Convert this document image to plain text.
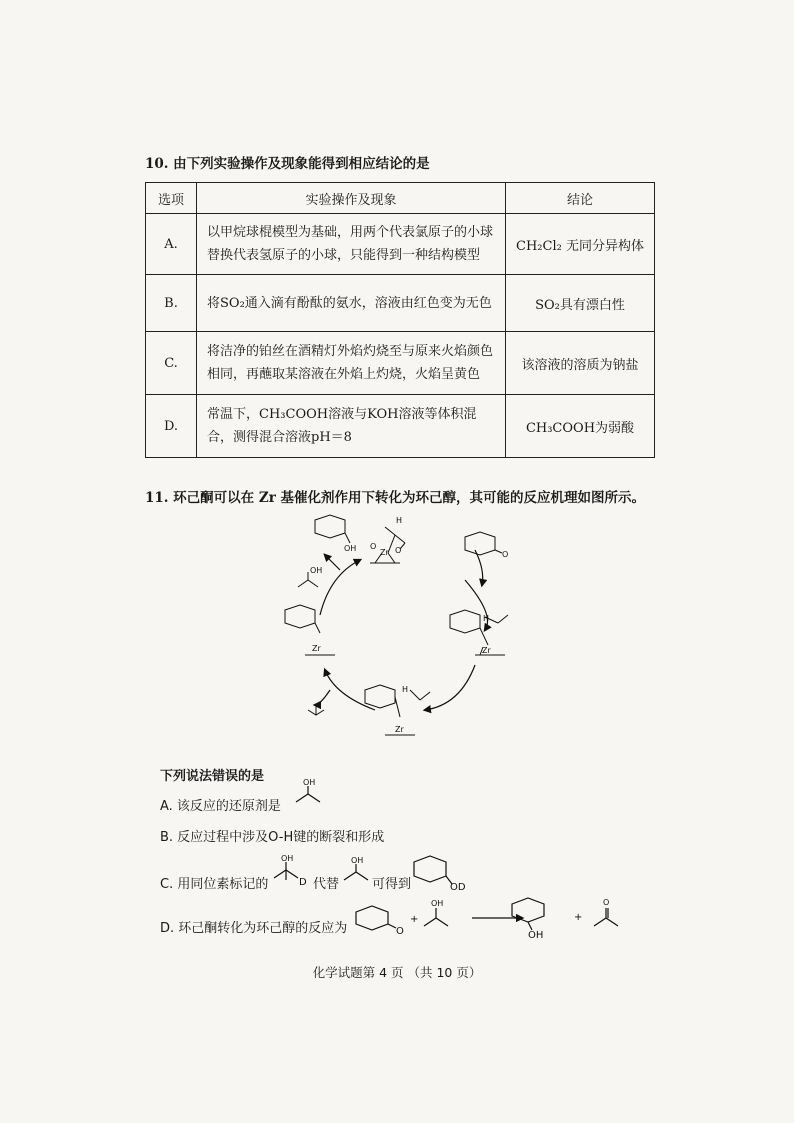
10. 由下列实验操作及现象能得到相应结论的是
选项	实验操作及现象	结论
A.	以甲烷球棍模型为基础，用两个代表氯原子的小球替换代表氢原子的小球，只能得到一种结构模型	CH₂Cl₂ 无同分异构体
B.	将SO₂通入滴有酚酞的氨水，溶液由红色变为无色	SO₂具有漂白性
C.	将洁净的铂丝在酒精灯外焰灼烧至与原来火焰颜色相同，再蘸取某溶液在外焰上灼烧，火焰呈黄色	该溶液的溶质为钠盐
D.	常温下，CH₃COOH溶液与KOH溶液等体积混合，测得混合溶液pH＝8	CH₃COOH为弱酸
11. 环己酮可以在 Zr 基催化剂作用下转化为环己醇，其可能的反应机理如图所示。
Zr
H
O O
OH
OH
O
Zr
H
Zr
H
Zr
下列说法错误的是
A. 该反应的还原剂是
OH
B. 反应过程中涉及O-H键的断裂和形成
C. 用同位素标记的
OH
D 代替
OH
可得到	OD
D. 环己酮转化为环己醇的反应为	O
+
OH
OH
+
O
化学试题第 4 页 （共 10 页）
